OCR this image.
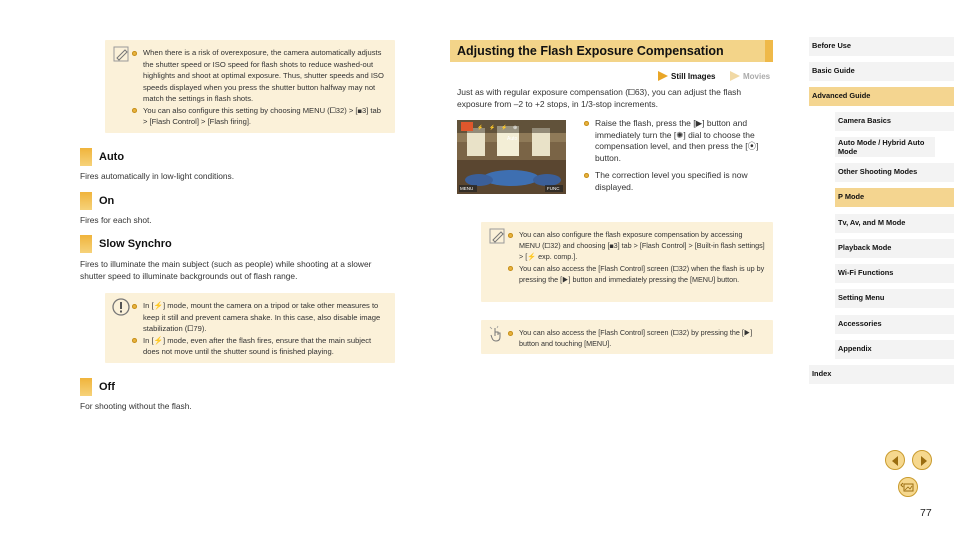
When there is a risk of overexposure, the camera automatically adjusts the shutter speed or ISO speed for flash shots to reduce washed-out highlights and shoot at optimal exposure. Thus, shutter speeds and ISO speeds displayed when you press the shutter button halfway may not match the settings in flash shots.
You can also configure this setting by choosing MENU (⧠32) > [◼3] tab > [Flash Control] > [Flash firing].
Auto
Fires automatically in low-light conditions.
On
Fires for each shot.
Slow Synchro
Fires to illuminate the main subject (such as people) while shooting at a slower shutter speed to illuminate backgrounds out of flash range.
In [⚡] mode, mount the camera on a tripod or take other measures to keep it still and prevent camera shake. In this case, also disable image stabilization (⧠79).
In [⚡] mode, even after the flash fires, ensure that the main subject does not move until the shutter sound is finished playing.
Off
For shooting without the flash.
Adjusting the Flash Exposure Compensation
Still Images	Movies
Just as with regular exposure compensation (⧠63), you can adjust the flash exposure from –2 to +2 stops, in 1/3-stop increments.
⚡ ⚡ ⚡ ⊕
Auto
MENU	FUNC
Raise the flash, press the [▶] button and immediately turn the [✺] dial to choose the compensation level, and then press the [⦿] button.
The correction level you specified is now displayed.
You can also configure the flash exposure compensation by accessing MENU (⧠32) and choosing [◼3] tab > [Flash Control] > [Built-in flash settings] > [⚡ exp. comp.].
You can also access the [Flash Control] screen (⧠32) when the flash is up by pressing the [▶] button and immediately pressing the [MENU] button.
You can also access the [Flash Control] screen (⧠32) by pressing the [▶] button and touching [MENU].
Before Use
Basic Guide
Advanced Guide
Camera Basics
Auto Mode / Hybrid Auto Mode
Other Shooting Modes
P Mode
Tv, Av, and M Mode
Playback Mode
Wi-Fi Functions
Setting Menu
Accessories
Appendix
Index
77
